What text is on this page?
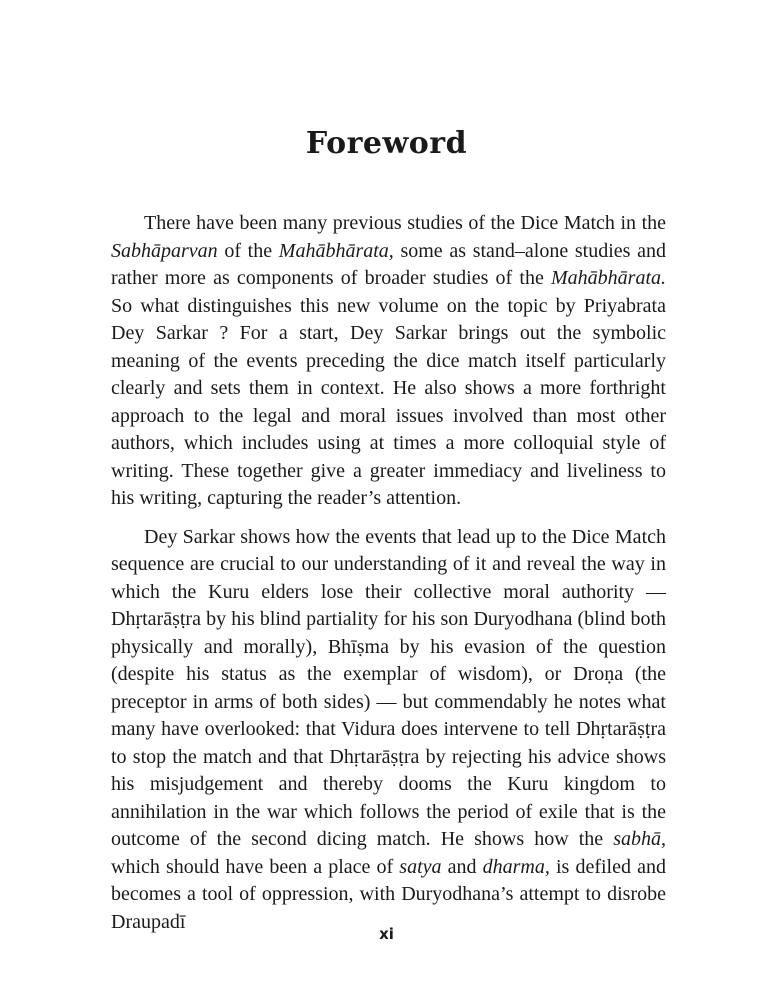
Foreword

There have been many previous studies of the Dice Match in the Sabhāparvan of the Mahābhārata, some as stand–alone studies and rather more as components of broader studies of the Mahābhārata. So what distinguishes this new volume on the topic by Priyabrata Dey Sarkar ? For a start, Dey Sarkar brings out the symbolic meaning of the events preceding the dice match itself particularly clearly and sets them in context. He also shows a more forthright approach to the legal and moral issues involved than most other authors, which includes using at times a more colloquial style of writing. These together give a greater immediacy and liveliness to his writing, capturing the reader’s attention.

Dey Sarkar shows how the events that lead up to the Dice Match sequence are crucial to our understanding of it and reveal the way in which the Kuru elders lose their collective moral authority — Dhṛtarāṣṭra by his blind partiality for his son Duryodhana (blind both physically and morally), Bhīṣma by his evasion of the question (despite his status as the exemplar of wisdom), or Droṇa (the preceptor in arms of both sides) — but commendably he notes what many have overlooked: that Vidura does intervene to tell Dhṛtarāṣṭra to stop the match and that Dhṛtarāṣṭra by rejecting his advice shows his misjudgement and thereby dooms the Kuru kingdom to annihilation in the war which follows the period of exile that is the outcome of the second dicing match. He shows how the sabhā, which should have been a place of satya and dharma, is defiled and becomes a tool of oppression, with Duryodhana’s attempt to disrobe Draupadī

xi
